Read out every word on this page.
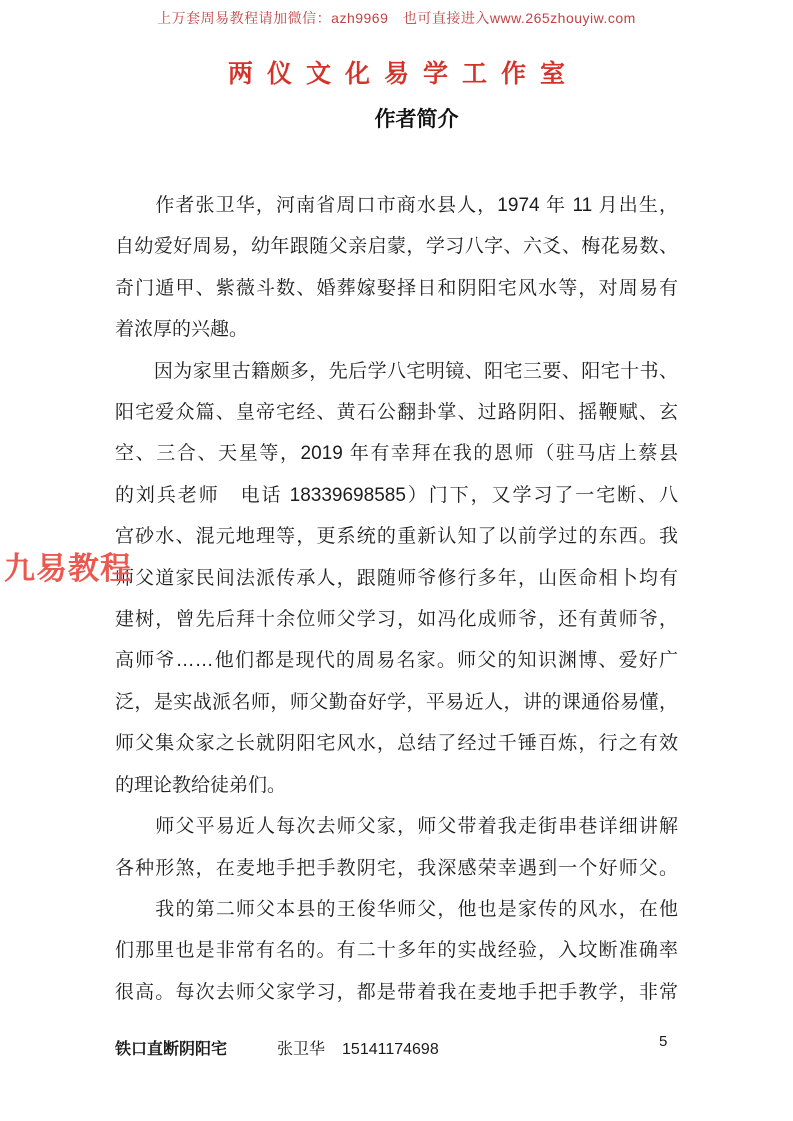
上万套周易教程请加微信：azh9969　也可直接进入www.265zhouyiw.com
两仪文化易学工作室
作者简介
　　作者张卫华，河南省周口市商水县人，1974 年 11 月出生，
自幼爱好周易，幼年跟随父亲启蒙，学习八字、六爻、梅花易数、
奇门遁甲、紫薇斗数、婚葬嫁娶择日和阴阳宅风水等，对周易有
着浓厚的兴趣。
　　因为家里古籍颇多，先后学八宅明镜、阳宅三要、阳宅十书、
阳宅爱众篇、皇帝宅经、黄石公翻卦掌、过路阴阳、摇鞭赋、玄
空、三合、天星等，2019 年有幸拜在我的恩师（驻马店上蔡县
的刘兵老师　电话 18339698585）门下，又学习了一宅断、八
宫砂水、混元地理等，更系统的重新认知了以前学过的东西。我
师父道家民间法派传承人，跟随师爷修行多年，山医命相卜均有
建树，曾先后拜十余位师父学习，如冯化成师爷，还有黄师爷，
高师爷……他们都是现代的周易名家。师父的知识渊博、爱好广
泛，是实战派名师，师父勤奋好学，平易近人，讲的课通俗易懂，
师父集众家之长就阴阳宅风水，总结了经过千锤百炼，行之有效
的理论教给徒弟们。
　　师父平易近人每次去师父家，师父带着我走街串巷详细讲解
各种形煞，在麦地手把手教阴宅，我深感荣幸遇到一个好师父。
　　我的第二师父本县的王俊华师父，他也是家传的风水，在他
们那里也是非常有名的。有二十多年的实战经验，入坟断准确率
很高。每次去师父家学习，都是带着我在麦地手把手教学，非常
九易教程
铁口直断阴阳宅	张卫华 15141174698	5
